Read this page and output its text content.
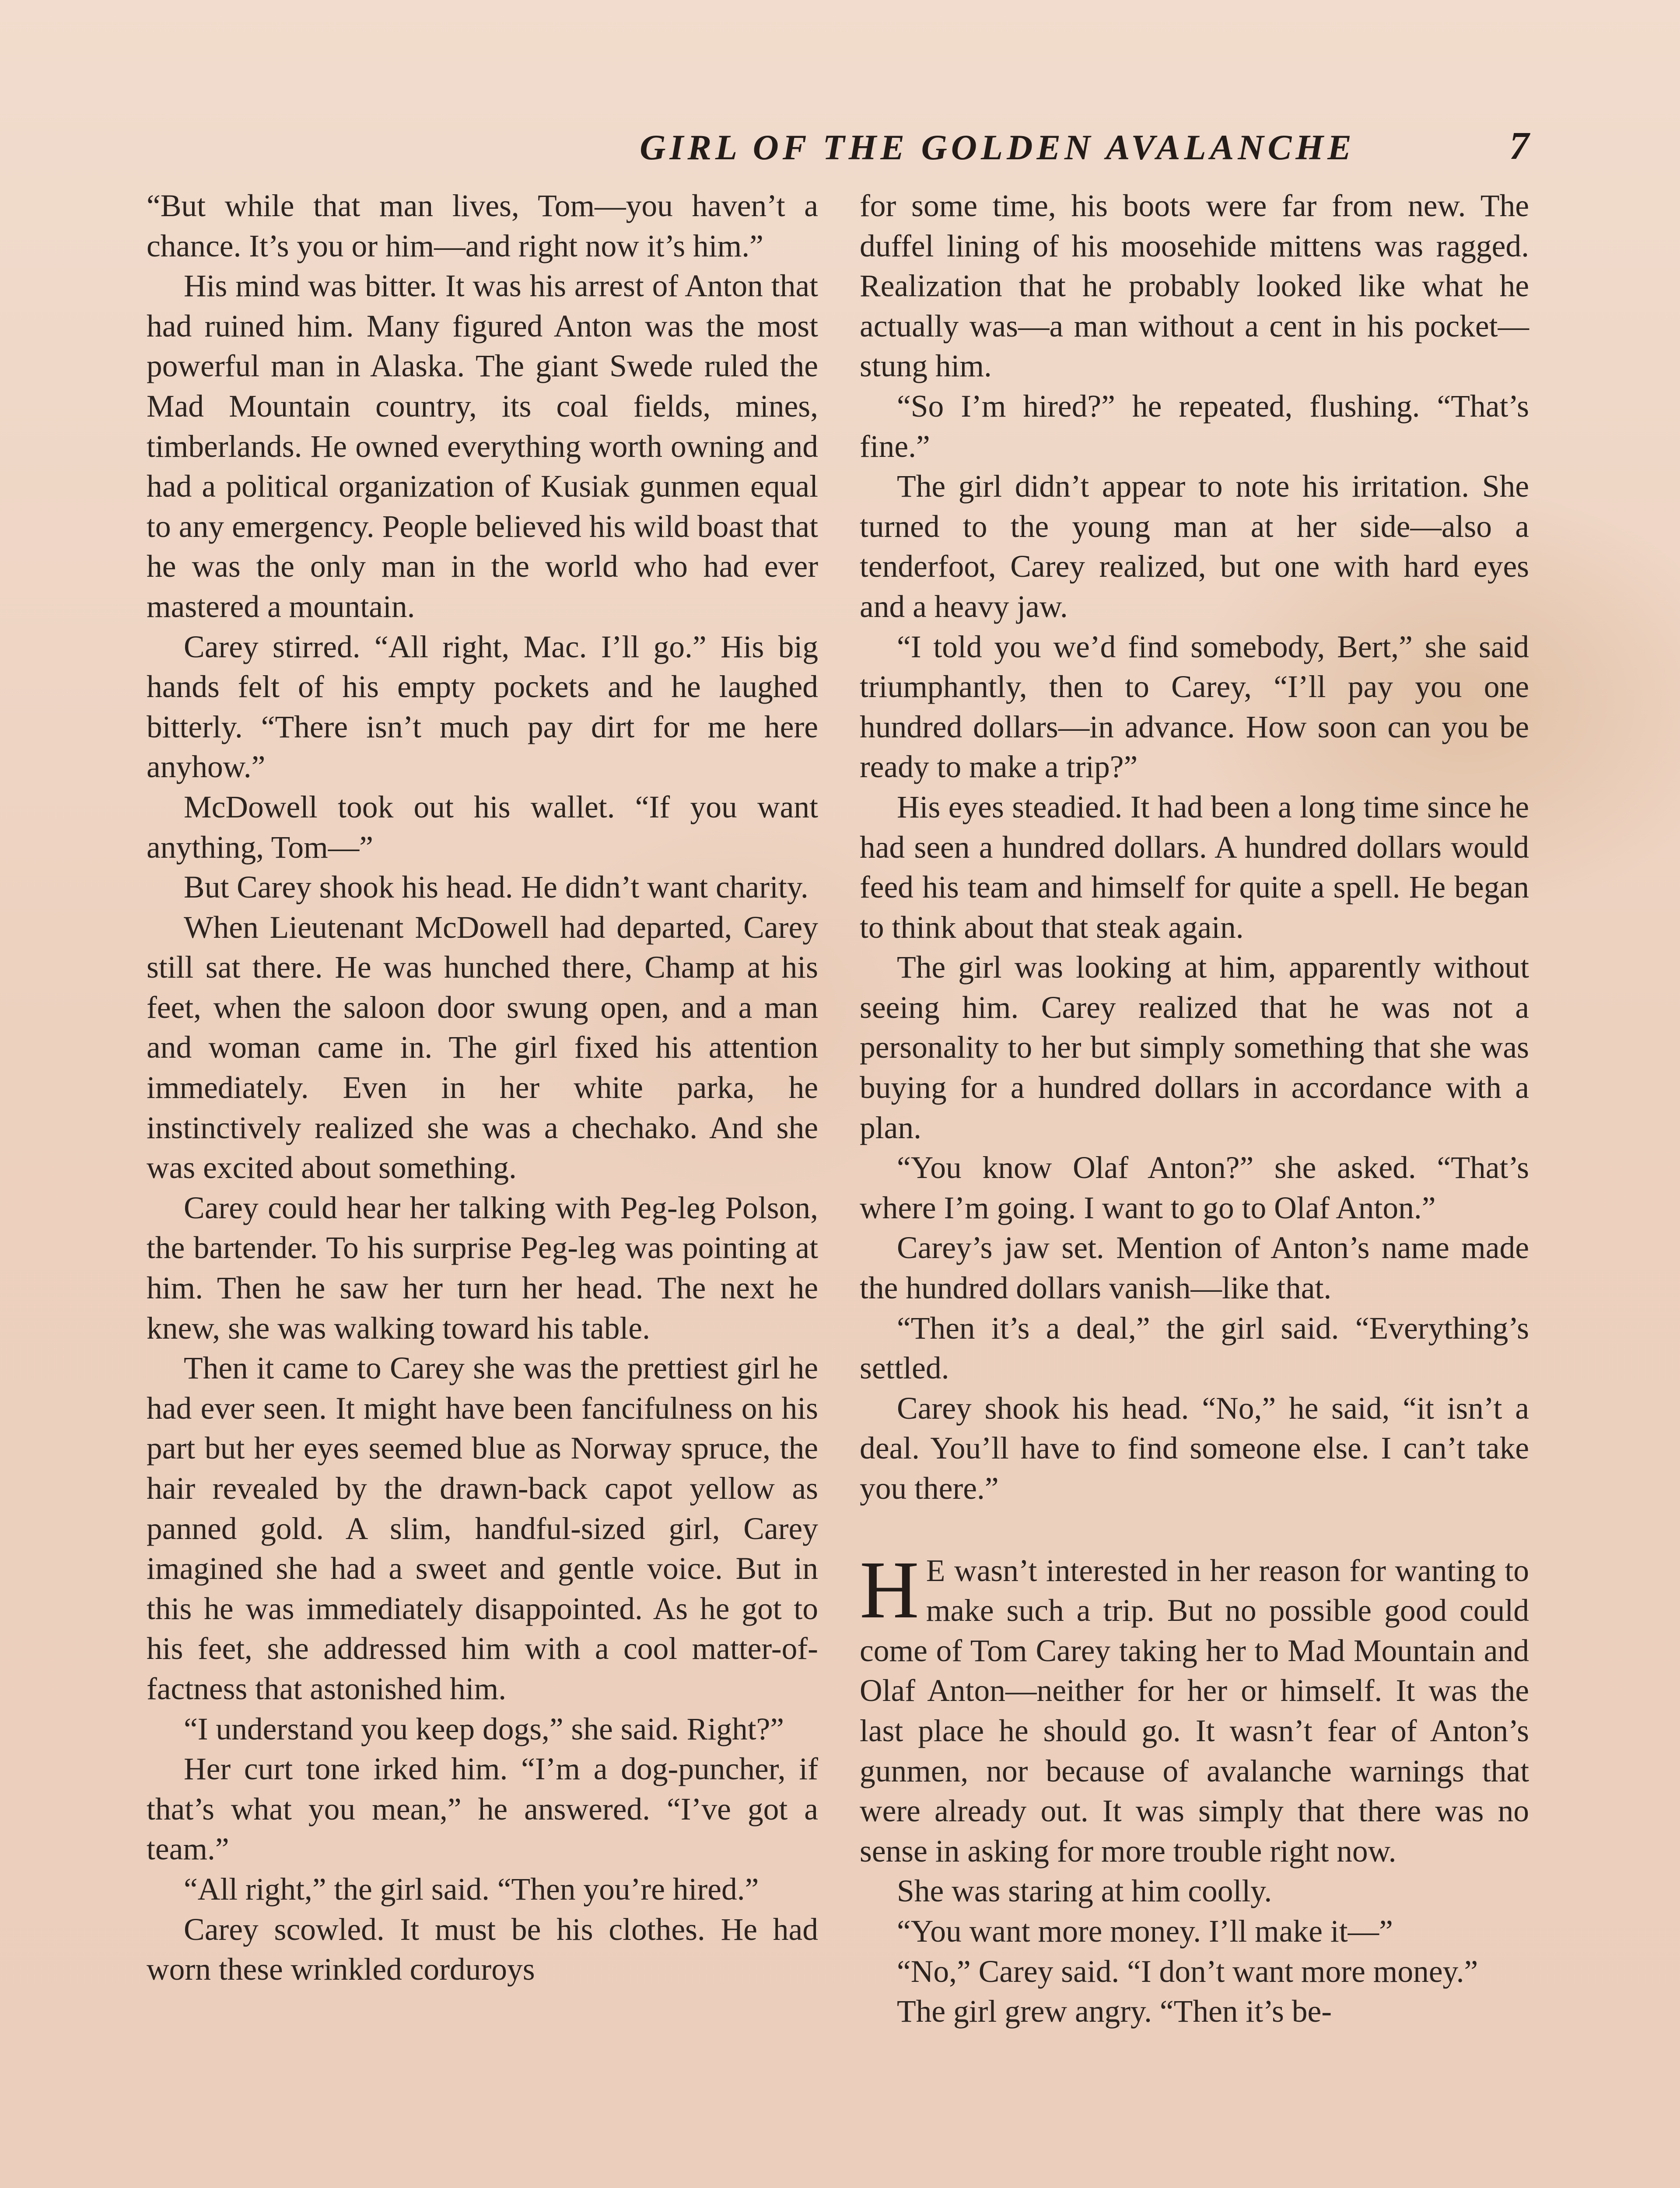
GIRL OF THE GOLDEN AVALANCHE	7

“But while that man lives, Tom—you haven’t a chance. It’s you or him—and right now it’s him.”

His mind was bitter. It was his arrest of Anton that had ruined him. Many figured Anton was the most powerful man in Alaska. The giant Swede ruled the Mad Mountain country, its coal fields, mines, timberlands. He owned everything worth owning and had a political organization of Kusiak gunmen equal to any emergency. People believed his wild boast that he was the only man in the world who had ever mastered a mountain.

Carey stirred. “All right, Mac. I’ll go.” His big hands felt of his empty pockets and he laughed bitterly. “There isn’t much pay dirt for me here anyhow.”

McDowell took out his wallet. “If you want anything, Tom—”

But Carey shook his head. He didn’t want charity.

When Lieutenant McDowell had departed, Carey still sat there. He was hunched there, Champ at his feet, when the saloon door swung open, and a man and woman came in. The girl fixed his attention immediately. Even in her white parka, he instinctively realized she was a chechako. And she was excited about something.

Carey could hear her talking with Peg-leg Polson, the bartender. To his surprise Peg-leg was pointing at him. Then he saw her turn her head. The next he knew, she was walking toward his table.

Then it came to Carey she was the prettiest girl he had ever seen. It might have been fancifulness on his part but her eyes seemed blue as Norway spruce, the hair revealed by the drawn-back capot yellow as panned gold. A slim, handful-sized girl, Carey imagined she had a sweet and gentle voice. But in this he was immediately disappointed. As he got to his feet, she addressed him with a cool matter-of-factness that astonished him.

“I understand you keep dogs,” she said. Right?”

Her curt tone irked him. “I’m a dog-puncher, if that’s what you mean,” he answered. “I’ve got a team.”

“All right,” the girl said. “Then you’re hired.”

Carey scowled. It must be his clothes. He had worn these wrinkled corduroys

for some time, his boots were far from new. The duffel lining of his moosehide mittens was ragged. Realization that he probably looked like what he actually was—a man without a cent in his pocket—stung him.

“So I’m hired?” he repeated, flushing. “That’s fine.”

The girl didn’t appear to note his irritation. She turned to the young man at her side—also a tenderfoot, Carey realized, but one with hard eyes and a heavy jaw.

“I told you we’d find somebody, Bert,” she said triumphantly, then to Carey, “I’ll pay you one hundred dollars—in advance. How soon can you be ready to make a trip?”

His eyes steadied. It had been a long time since he had seen a hundred dollars. A hundred dollars would feed his team and himself for quite a spell. He began to think about that steak again.

The girl was looking at him, apparently without seeing him. Carey realized that he was not a personality to her but simply something that she was buying for a hundred dollars in accordance with a plan.

“You know Olaf Anton?” she asked. “That’s where I’m going. I want to go to Olaf Anton.”

Carey’s jaw set. Mention of Anton’s name made the hundred dollars vanish—like that.

“Then it’s a deal,” the girl said. “Everything’s settled.

Carey shook his head. “No,” he said, “it isn’t a deal. You’ll have to find someone else. I can’t take you there.”

H E wasn’t interested in her reason for wanting to make such a trip. But no possible good could come of Tom Carey taking her to Mad Mountain and Olaf Anton—neither for her or himself. It was the last place he should go. It wasn’t fear of Anton’s gunmen, nor because of avalanche warnings that were already out. It was simply that there was no sense in asking for more trouble right now.

She was staring at him coolly.

“You want more money. I’ll make it—”

“No,” Carey said. “I don’t want more money.”

The girl grew angry. “Then it’s be-
